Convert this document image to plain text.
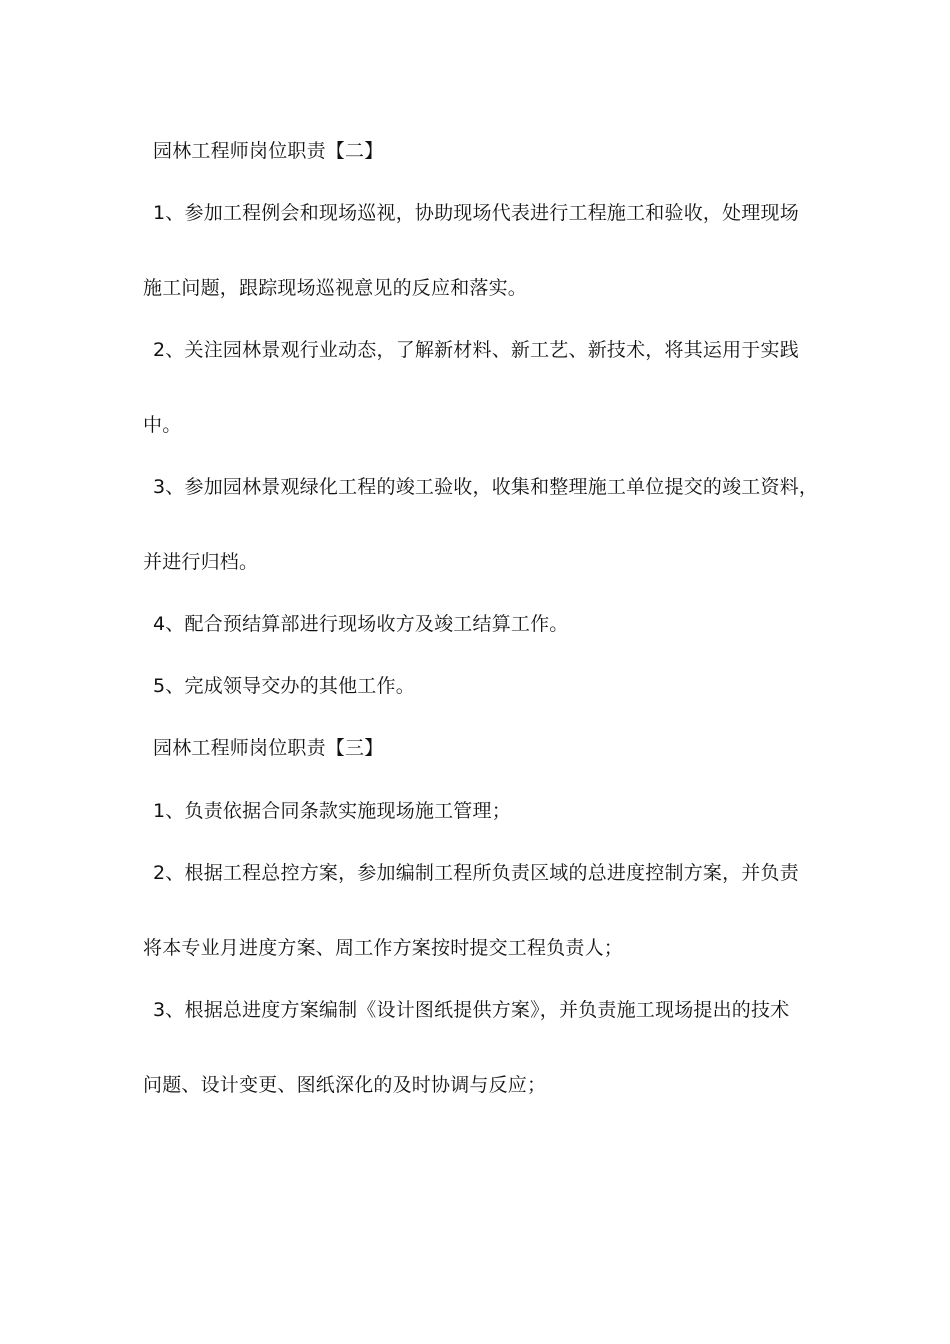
园林工程师岗位职责【二】
1、参加工程例会和现场巡视，协助现场代表进行工程施工和验收，处理现场
施工问题，跟踪现场巡视意见的反应和落实。
2、关注园林景观行业动态，了解新材料、新工艺、新技术，将其运用于实践
中。
3、参加园林景观绿化工程的竣工验收，收集和整理施工单位提交的竣工资料，
并进行归档。
4、配合预结算部进行现场收方及竣工结算工作。
5、完成领导交办的其他工作。
园林工程师岗位职责【三】
1、负责依据合同条款实施现场施工管理；
2、根据工程总控方案，参加编制工程所负责区域的总进度控制方案，并负责
将本专业月进度方案、周工作方案按时提交工程负责人；
3、根据总进度方案编制《设计图纸提供方案》，并负责施工现场提出的技术
问题、设计变更、图纸深化的及时协调与反应；
